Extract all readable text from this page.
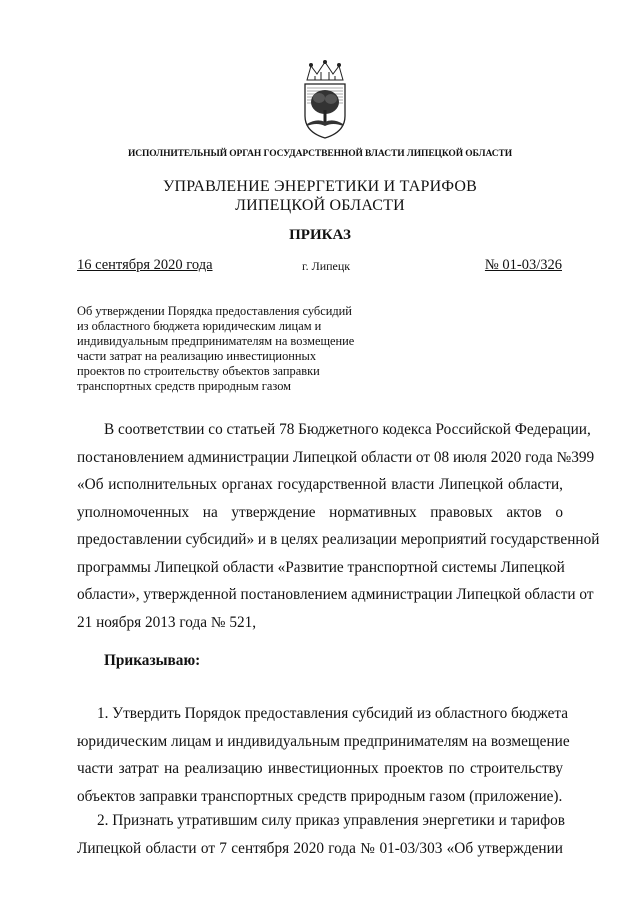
ИСПОЛНИТЕЛЬНЫЙ ОРГАН ГОСУДАРСТВЕННОЙ ВЛАСТИ ЛИПЕЦКОЙ ОБЛАСТИ
УПРАВЛЕНИЕ ЭНЕРГЕТИКИ И ТАРИФОВ
ЛИПЕЦКОЙ ОБЛАСТИ
ПРИКАЗ
16 сентября 2020 года	г. Липецк	№ 01-03/326
Об утверждении Порядка предоставления субсидий
из областного бюджета юридическим лицам и
индивидуальным предпринимателям на возмещение
части затрат на реализацию инвестиционных
проектов по строительству объектов заправки
транспортных средств природным газом
В соответствии со статьей 78 Бюджетного кодекса Российской Федерации,
постановлением администрации Липецкой области от 08 июля 2020 года №399
«Об исполнительных органах государственной власти Липецкой области,
уполномоченных на утверждение нормативных правовых актов о
предоставлении субсидий» и в целях реализации мероприятий государственной
программы Липецкой области «Развитие транспортной системы Липецкой
области», утвержденной постановлением администрации Липецкой области от
21 ноября 2013 года № 521,
Приказываю:
1. Утвердить Порядок предоставления субсидий из областного бюджета
юридическим лицам и индивидуальным предпринимателям на возмещение
части затрат на реализацию инвестиционных проектов по строительству
объектов заправки транспортных средств природным газом (приложение).
2. Признать утратившим силу приказ управления энергетики и тарифов
Липецкой области от 7 сентября 2020 года № 01-03/303 «Об утверждении
